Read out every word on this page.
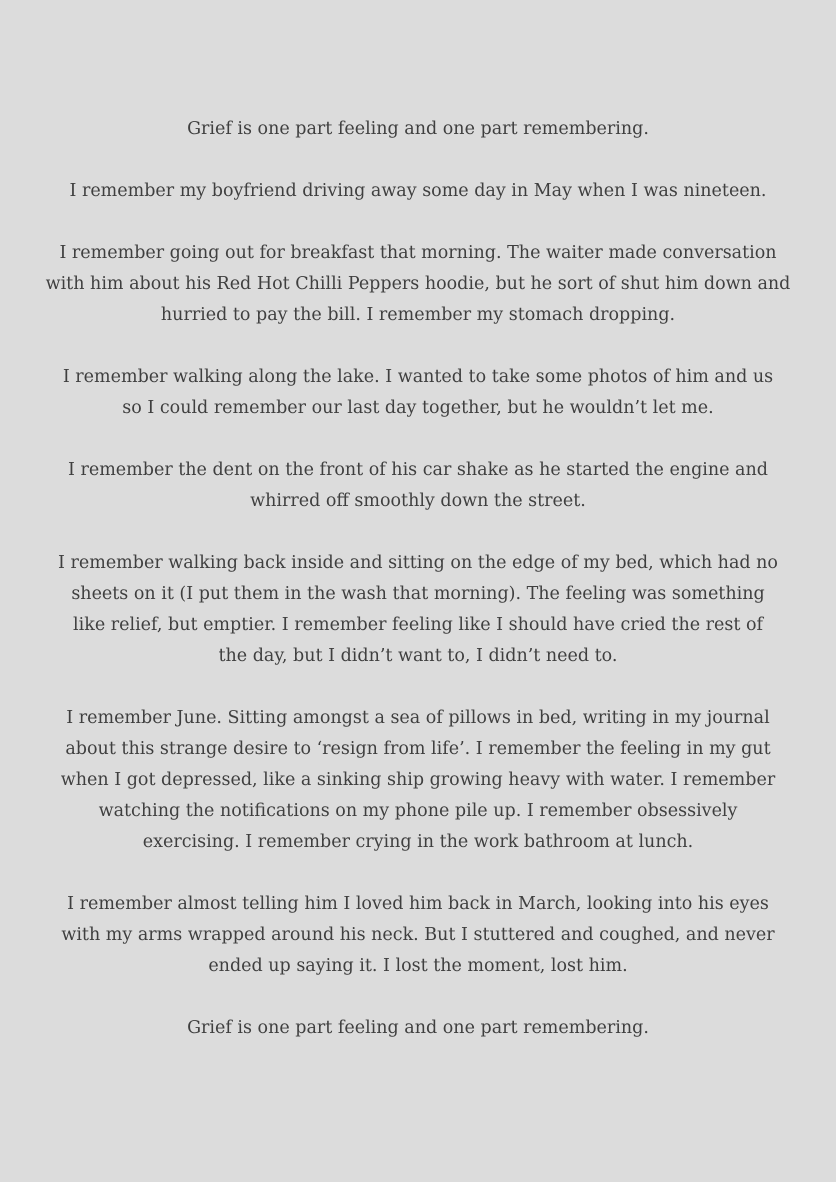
Grief is one part feeling and one part remembering.

I remember my boyfriend driving away some day in May when I was nineteen.

I remember going out for breakfast that morning. The waiter made conversation with him about his Red Hot Chilli Peppers hoodie, but he sort of shut him down and hurried to pay the bill. I remember my stomach dropping.

I remember walking along the lake. I wanted to take some photos of him and us so I could remember our last day together, but he wouldn’t let me.

I remember the dent on the front of his car shake as he started the engine and whirred off smoothly down the street.

I remember walking back inside and sitting on the edge of my bed, which had no sheets on it (I put them in the wash that morning). The feeling was something like relief, but emptier. I remember feeling like I should have cried the rest of the day, but I didn’t want to, I didn’t need to.

I remember June. Sitting amongst a sea of pillows in bed, writing in my journal about this strange desire to ‘resign from life’. I remember the feeling in my gut when I got depressed, like a sinking ship growing heavy with water. I remember watching the notifications on my phone pile up. I remember obsessively exercising. I remember crying in the work bathroom at lunch.

I remember almost telling him I loved him back in March, looking into his eyes with my arms wrapped around his neck. But I stuttered and coughed, and never ended up saying it. I lost the moment, lost him.

Grief is one part feeling and one part remembering.
